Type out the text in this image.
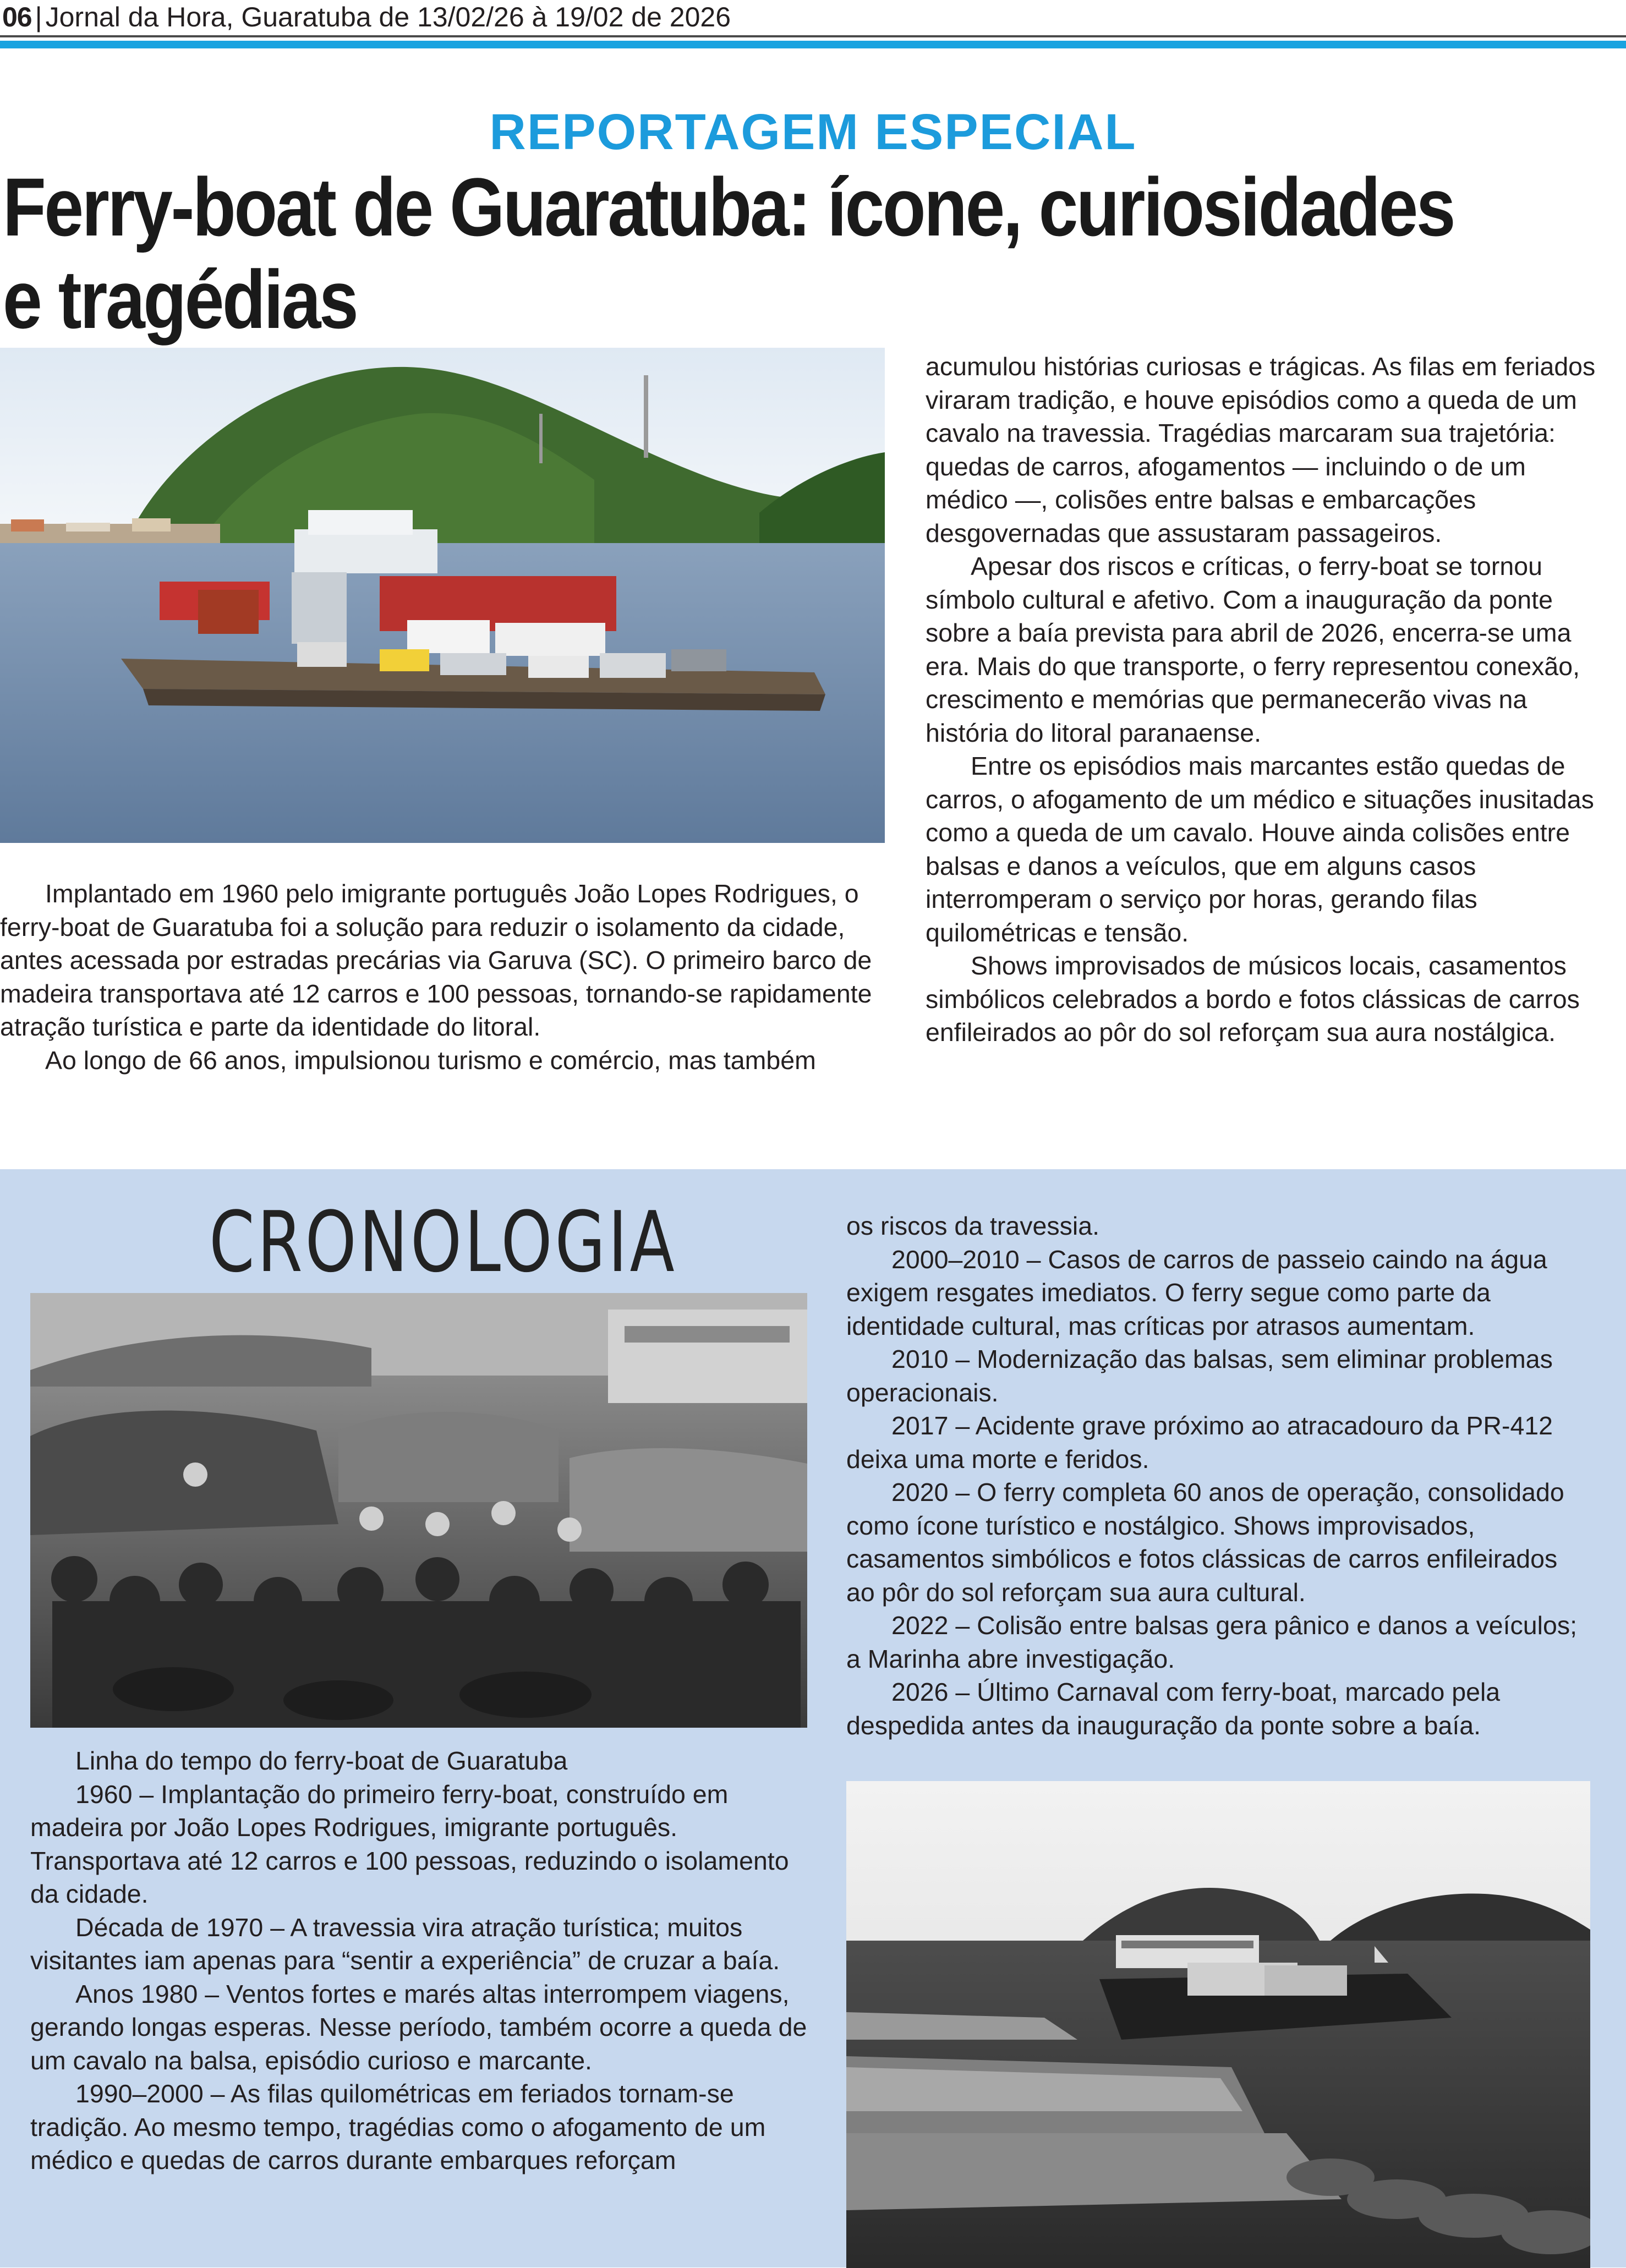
06 | Jornal da Hora, Guaratuba de 13/02/26 à 19/02 de 2026
REPORTAGEM ESPECIAL
Ferry-boat de Guaratuba: ícone, curiosidades
e tragédias

Implantado em 1960 pelo imigrante português João Lopes Rodrigues, o ferry-boat de Guaratuba foi a solução para reduzir o isolamento da cidade, antes acessada por estradas precárias via Garuva (SC). O primeiro barco de madeira transportava até 12 carros e 100 pessoas, tornando-se rapidamente atração turística e parte da identidade do litoral.

Ao longo de 66 anos, impulsionou turismo e comércio, mas também

acumulou histórias curiosas e trágicas. As filas em feriados viraram tradição, e houve episódios como a queda de um cavalo na travessia. Tragédias marcaram sua trajetória: quedas de carros, afogamentos — incluindo o de um médico —, colisões entre balsas e embarcações desgovernadas que assustaram passageiros.

Apesar dos riscos e críticas, o ferry-boat se tornou símbolo cultural e afetivo. Com a inauguração da ponte sobre a baía prevista para abril de 2026, encerra-se uma era. Mais do que transporte, o ferry representou conexão, crescimento e memórias que permanecerão vivas na história do litoral paranaense.

Entre os episódios mais marcantes estão quedas de carros, o afogamento de um médico e situações inusitadas como a queda de um cavalo. Houve ainda colisões entre balsas e danos a veículos, que em alguns casos interromperam o serviço por horas, gerando filas quilométricas e tensão.

Shows improvisados de músicos locais, casamentos simbólicos celebrados a bordo e fotos clássicas de carros enfileirados ao pôr do sol reforçam sua aura nostálgica.

CRONOLOGIA

Linha do tempo do ferry-boat de Guaratuba

1960 – Implantação do primeiro ferry-boat, construído em madeira por João Lopes Rodrigues, imigrante português. Transportava até 12 carros e 100 pessoas, reduzindo o isolamento da cidade.

Década de 1970 – A travessia vira atração turística; muitos visitantes iam apenas para “sentir a experiência” de cruzar a baía.

Anos 1980 – Ventos fortes e marés altas interrompem viagens, gerando longas esperas. Nesse período, também ocorre a queda de um cavalo na balsa, episódio curioso e marcante.

1990–2000 – As filas quilométricas em feriados tornam-se tradição. Ao mesmo tempo, tragédias como o afogamento de um médico e quedas de carros durante embarques reforçam

os riscos da travessia.

2000–2010 – Casos de carros de passeio caindo na água exigem resgates imediatos. O ferry segue como parte da identidade cultural, mas críticas por atrasos aumentam.

2010 – Modernização das balsas, sem eliminar problemas operacionais.

2017 – Acidente grave próximo ao atracadouro da PR-412 deixa uma morte e feridos.

2020 – O ferry completa 60 anos de operação, consolidado como ícone turístico e nostálgico. Shows improvisados, casamentos simbólicos e fotos clássicas de carros enfileirados ao pôr do sol reforçam sua aura cultural.

2022 – Colisão entre balsas gera pânico e danos a veículos; a Marinha abre investigação.

2026 – Último Carnaval com ferry-boat, marcado pela despedida antes da inauguração da ponte sobre a baía.
